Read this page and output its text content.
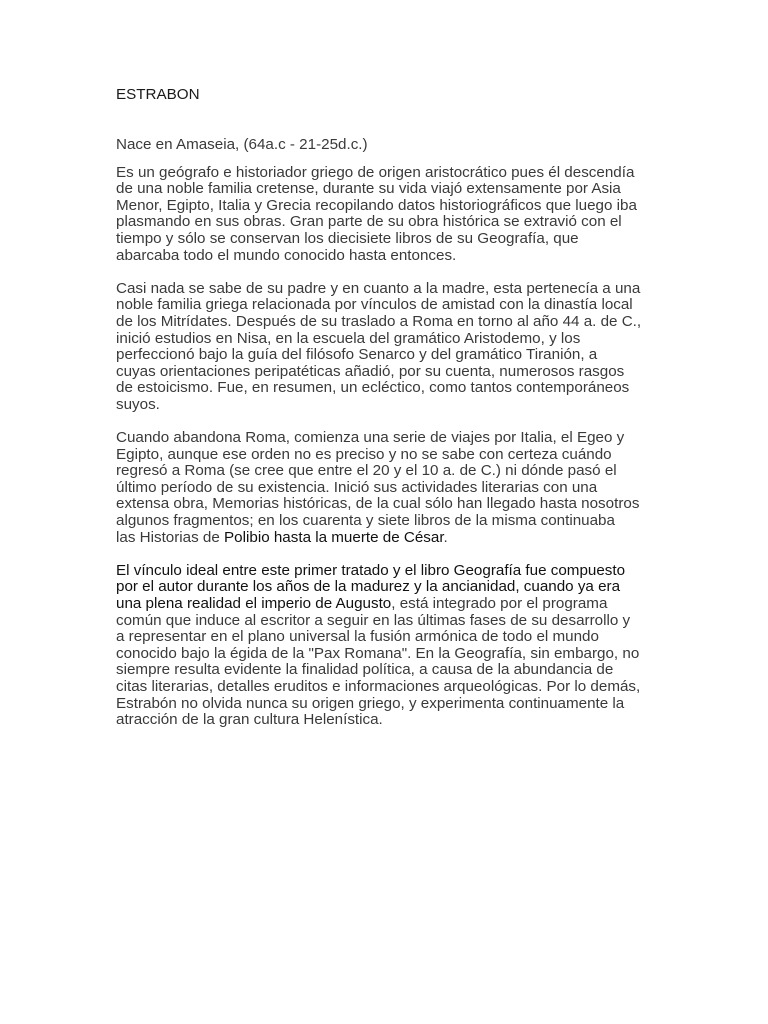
ESTRABON

Nace en Amaseia, (64a.c - 21-25d.c.)

Es un geógrafo e historiador griego de origen aristocrático pues él descendía
de una noble familia cretense, durante su vida viajó extensamente por Asia
Menor, Egipto, Italia y Grecia recopilando datos historiográficos que luego iba
plasmando en sus obras. Gran parte de su obra histórica se extravió con el
tiempo y sólo se conservan los diecisiete libros de su Geografía, que
abarcaba todo el mundo conocido hasta entonces.

Casi nada se sabe de su padre y en cuanto a la madre, esta pertenecía a una
noble familia griega relacionada por vínculos de amistad con la dinastía local
de los Mitrídates. Después de su traslado a Roma en torno al año 44 a. de C.,
inició estudios en Nisa, en la escuela del gramático Aristodemo, y los
perfeccionó bajo la guía del filósofo Senarco y del gramático Tiranión, a
cuyas orientaciones peripatéticas añadió, por su cuenta, numerosos rasgos
de estoicismo. Fue, en resumen, un ecléctico, como tantos contemporáneos
suyos.

Cuando abandona Roma, comienza una serie de viajes por Italia, el Egeo y
Egipto, aunque ese orden no es preciso y no se sabe con certeza cuándo
regresó a Roma (se cree que entre el 20 y el 10 a. de C.) ni dónde pasó el
último período de su existencia. Inició sus actividades literarias con una
extensa obra, Memorias históricas, de la cual sólo han llegado hasta nosotros
algunos fragmentos; en los cuarenta y siete libros de la misma continuaba
las Historias de Polibio hasta la muerte de César.

El vínculo ideal entre este primer tratado y el libro Geografía fue compuesto
por el autor durante los años de la madurez y la ancianidad, cuando ya era
una plena realidad el imperio de Augusto, está integrado por el programa
común que induce al escritor a seguir en las últimas fases de su desarrollo y
a representar en el plano universal la fusión armónica de todo el mundo
conocido bajo la égida de la "Pax Romana". En la Geografía, sin embargo, no
siempre resulta evidente la finalidad política, a causa de la abundancia de
citas literarias, detalles eruditos e informaciones arqueológicas. Por lo demás,
Estrabón no olvida nunca su origen griego, y experimenta continuamente la
atracción de la gran cultura Helenística.
